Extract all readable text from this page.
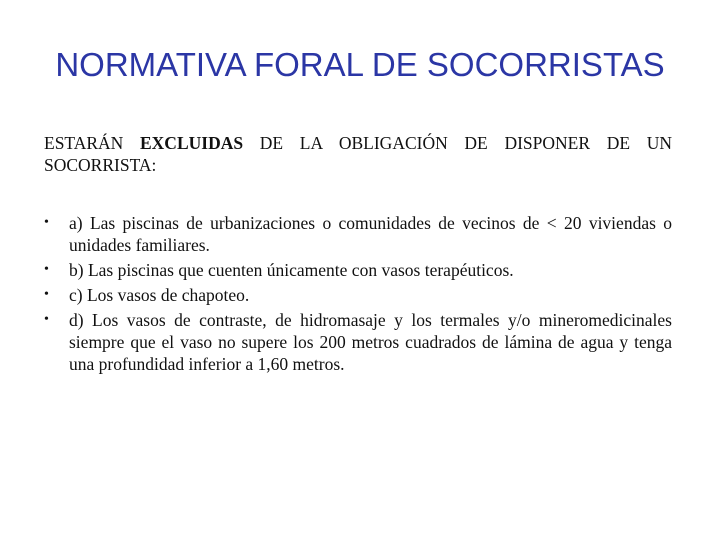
NORMATIVA FORAL DE SOCORRISTAS
ESTARÁN EXCLUIDAS DE LA OBLIGACIÓN DE DISPONER DE UN SOCORRISTA:
• a) Las piscinas de urbanizaciones o comunidades de vecinos de < 20 viviendas o unidades familiares.
• b) Las piscinas que cuenten únicamente con vasos terapéuticos.
• c) Los vasos de chapoteo.
• d) Los vasos de contraste, de hidromasaje y los termales y/o mineromedicinales siempre que el vaso no supere los 200 metros cuadrados de lámina de agua y tenga una profundidad inferior a 1,60 metros.
